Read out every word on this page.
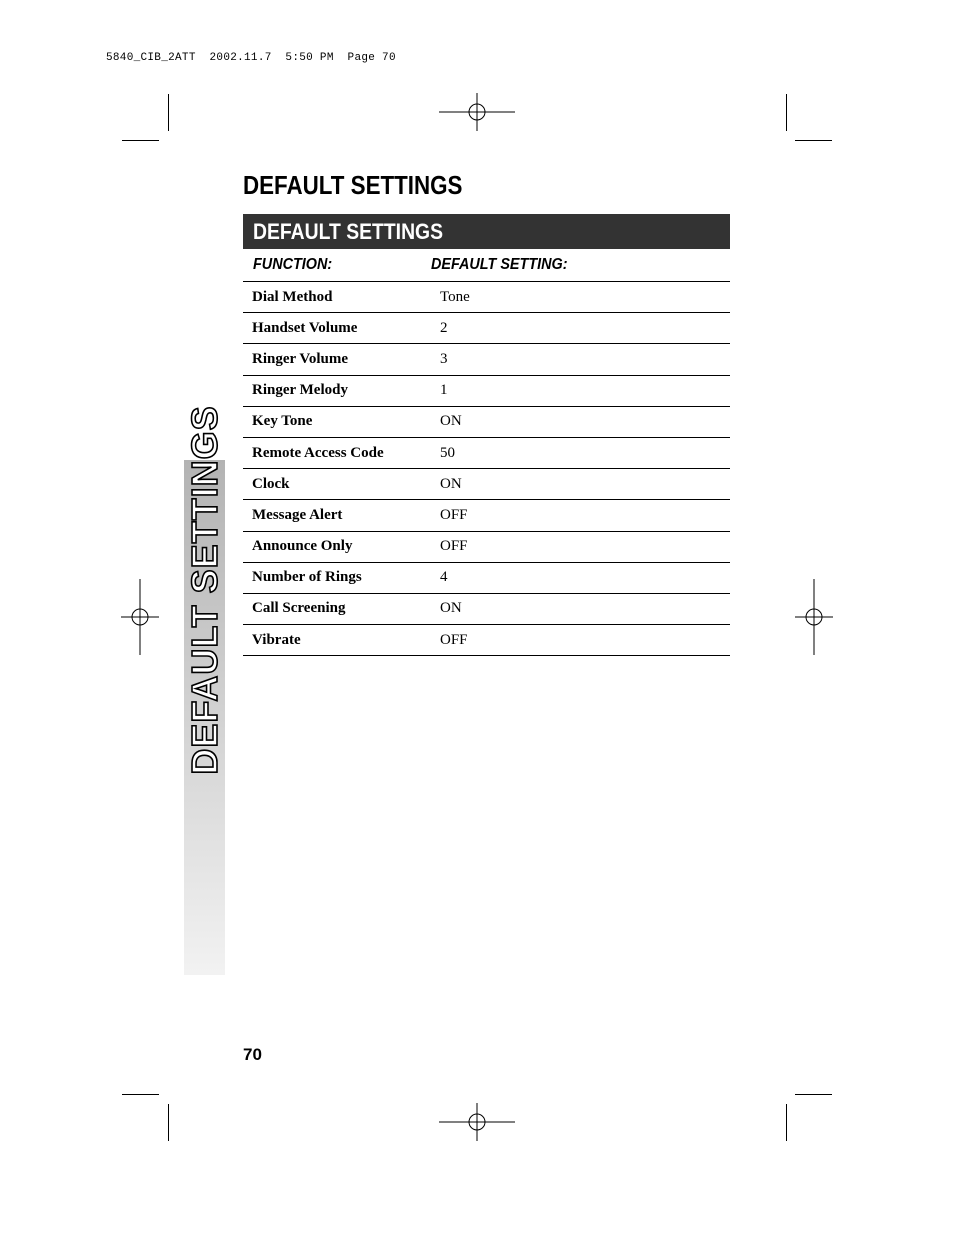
5840_CIB_2ATT  2002.11.7  5:50 PM  Page 70
DEFAULT SETTINGS
DEFAULT SETTINGS
DEFAULT SETTINGS
FUNCTION:	DEFAULT SETTING:
Dial Method	Tone
Handset Volume	2
Ringer Volume	3
Ringer Melody	1
Key Tone	ON
Remote Access Code	50
Clock	ON
Message Alert	OFF
Announce Only	OFF
Number of Rings	4
Call Screening	ON
Vibrate	OFF
70
